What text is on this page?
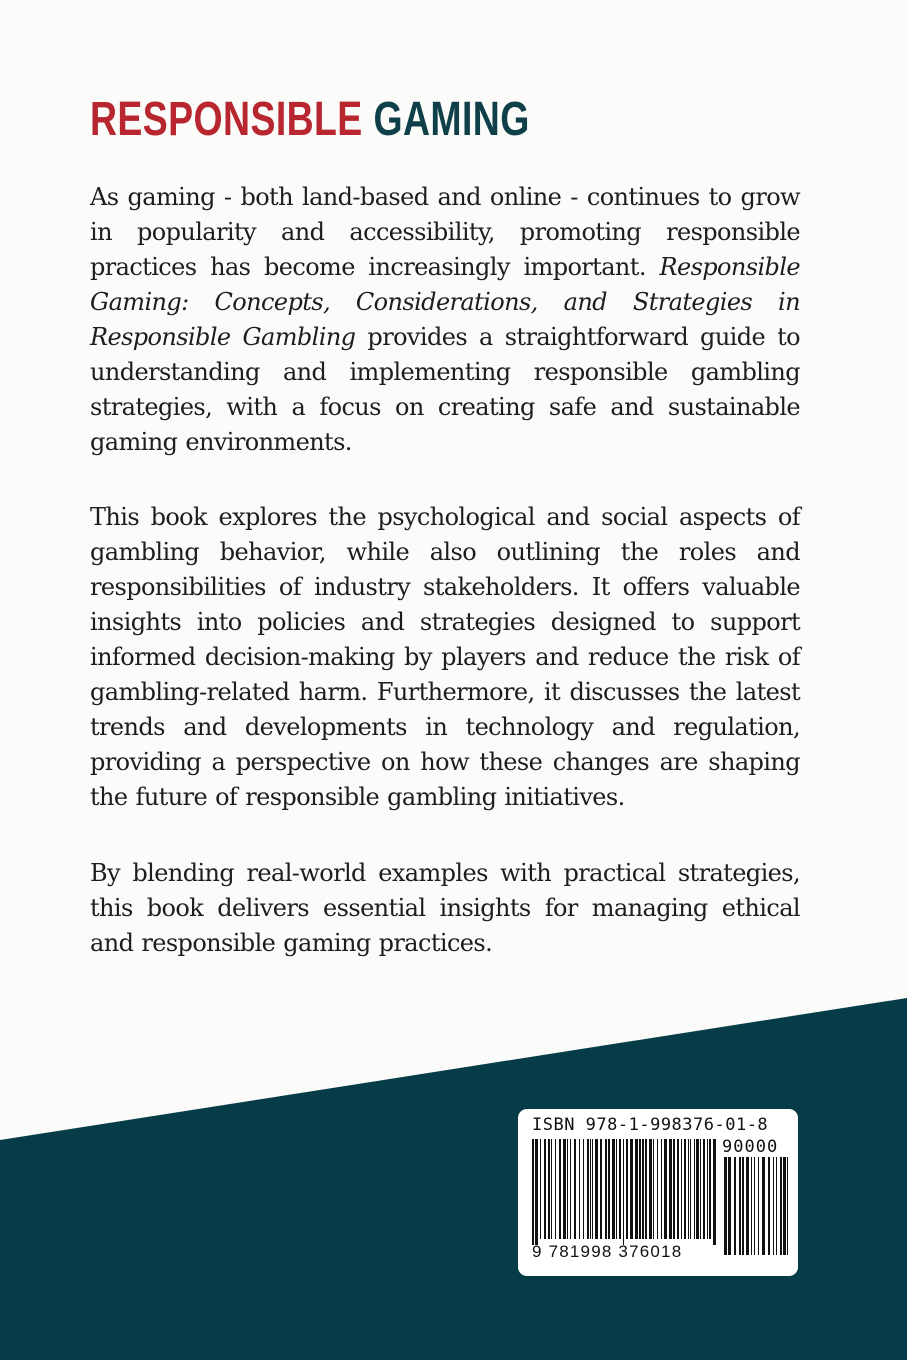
RESPONSIBLE GAMING

As gaming - both land-based and online - continues to grow in popularity and accessibility, promoting responsible practices has become increasingly important. Responsible Gaming: Concepts, Considerations, and Strategies in Responsible Gambling provides a straightforward guide to understanding and implementing responsible gambling strategies, with a focus on creating safe and sustainable gaming environments.

This book explores the psychological and social aspects of gambling behavior, while also outlining the roles and responsibilities of industry stakeholders. It offers valuable insights into policies and strategies designed to support informed decision-making by players and reduce the risk of gambling-related harm. Furthermore, it discusses the latest trends and developments in technology and regulation, providing a perspective on how these changes are shaping the future of responsible gambling initiatives.

By blending real-world examples with practical strategies, this book delivers essential insights for managing ethical and responsible gaming practices.

ISBN 978-1-998376-01-8
90000
9 781998 376018
